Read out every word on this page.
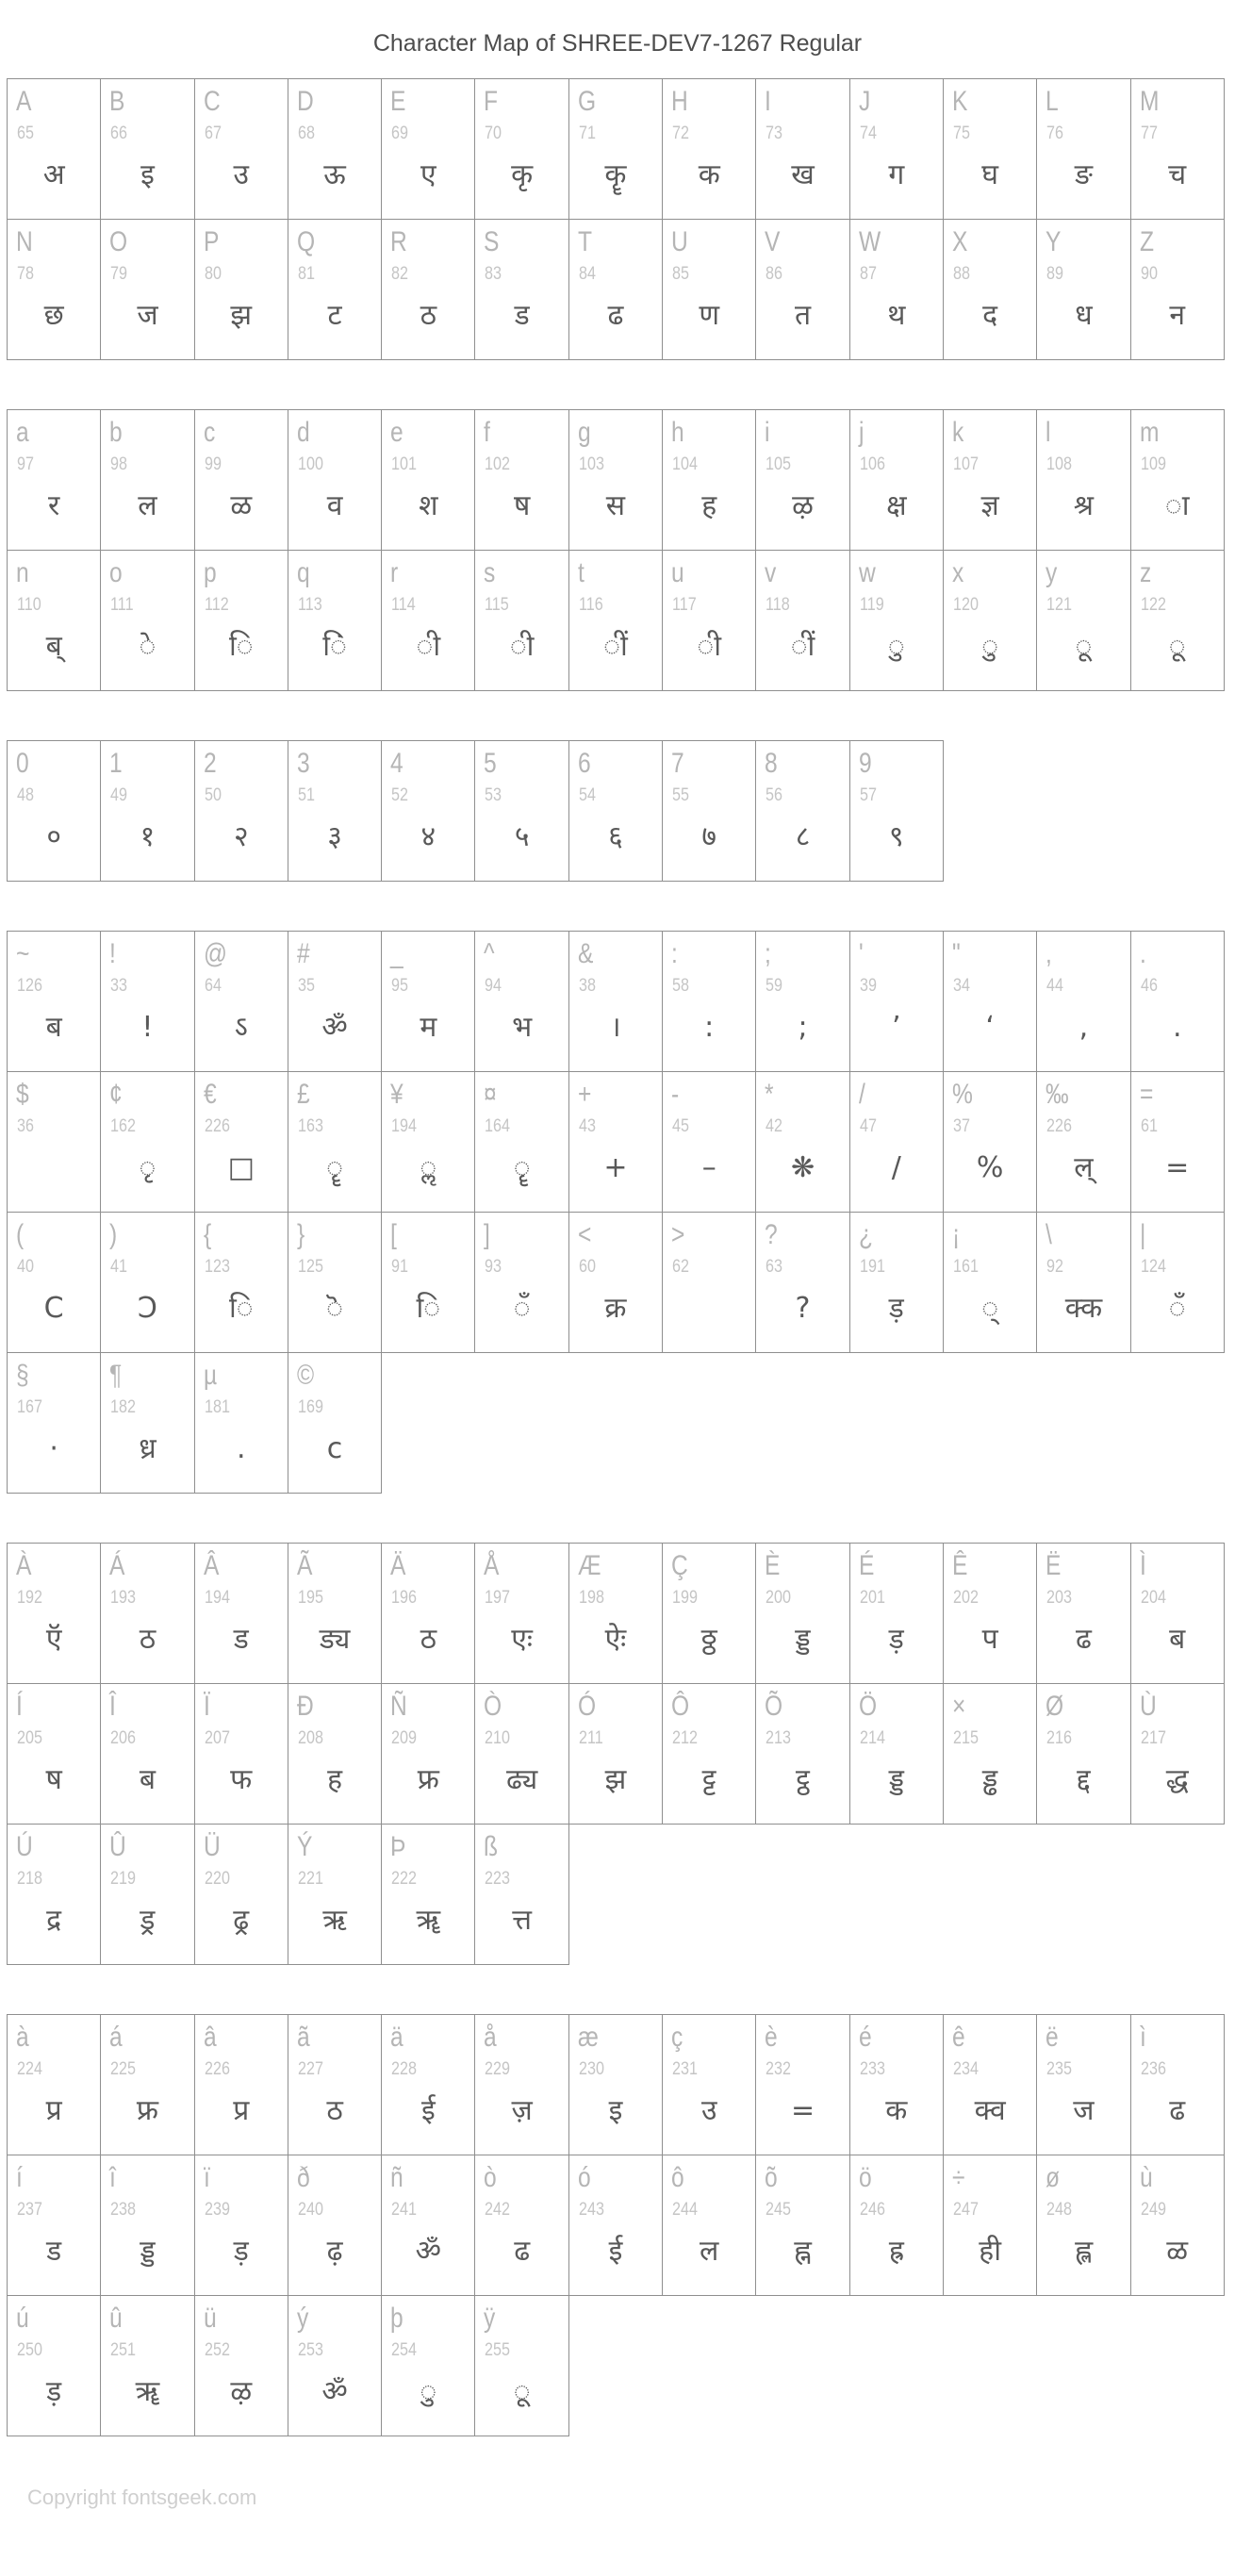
Character Map of SHREE-DEV7-1267 Regular
A
65
अ
B
66
इ
C
67
उ
D
68
ऊ
E
69
ए
F
70
कृ
G
71
कॄ
H
72
क
I
73
ख
J
74
ग
K
75
घ
L
76
ङ
M
77
च
N
78
छ
O
79
ज
P
80
झ
Q
81
ट
R
82
ठ
S
83
ड
T
84
ढ
U
85
ण
V
86
त
W
87
थ
X
88
द
Y
89
ध
Z
90
न
a
97
र
b
98
ल
c
99
ळ
d
100
व
e
101
श
f
102
ष
g
103
स
h
104
ह
i
105
ऴ
j
106
क्ष
k
107
ज्ञ
l
108
श्र
m
109
ा
n
110
ब्
o
111
े
p
112
ि
q
113
िं
r
114
ी
s
115
ी
t
116
ीं
u
117
ी
v
118
ीं
w
119
ु
x
120
ु
y
121
ू
z
122
ू
0
48
०
1
49
१
2
50
२
3
51
३
4
52
४
5
53
५
6
54
६
7
55
७
8
56
८
9
57
९
~
126
ब
!
33
!
@
64
ऽ
#
35
ॐ
_
95
म
^
94
भ
&
38
।
:
58
:
;
59
;
'
39
’
"
34
‘
,
44
,
.
46
.
$
36
¢
162
ृ
€
226
□
£
163
ॄ
¥
194
ॢ
¤
164
ॄ
+
43
+
-
45
–
*
42
❋
/
47
/
%
37
%
‰
226
ल्
=
61
=
(
40
C
)
41
Ɔ
{
123
ि
}
125
ॆ
[
91
ि
]
93
ँ
<
60
क्र
>
62
?
63
?
¿
191
ड़
¡
161
्
\
92
क्क
|
124
ँ
§
167
·
¶
182
ध्र
µ
181
.
©
169
ϲ
À
192
ऍ
Á
193
ठ
Â
194
ड
Ã
195
ड्य
Ä
196
ठ
Å
197
एः
Æ
198
ऐः
Ç
199
ठ्ठ
È
200
ड्ड
É
201
ड़
Ê
202
प
Ë
203
ढ
Ì
204
ब
Í
205
ष
Î
206
ब
Ï
207
फ
Ð
208
ह
Ñ
209
फ्र
Ò
210
ढ्य
Ó
211
झ
Ô
212
ट्ट
Õ
213
ट्ठ
Ö
214
ड्ड
×
215
ड्ढ
Ø
216
द्द
Ù
217
द्ध
Ú
218
द्र
Û
219
ड्र
Ü
220
ढ्र
Ý
221
ऋ
Þ
222
ॠ
ß
223
त्त
à
224
प्र
á
225
फ्र
â
226
प्र
ã
227
ठ
ä
228
ई
å
229
ज़
æ
230
इ
ç
231
उ
è
232
=
é
233
क
ê
234
क्व
ë
235
ज
ì
236
ढ
í
237
ड
î
238
ड्ड
ï
239
ड़
ð
240
ढ़
ñ
241
ॐ
ò
242
ढ
ó
243
ई
ô
244
ल
õ
245
ह्न
ö
246
ह्र
÷
247
ही
ø
248
ह्ल
ù
249
ळ
ú
250
ड़
û
251
ॠ
ü
252
ऴ
ý
253
ॐ
þ
254
ु
ÿ
255
ू
Copyright fontsgeek.com
